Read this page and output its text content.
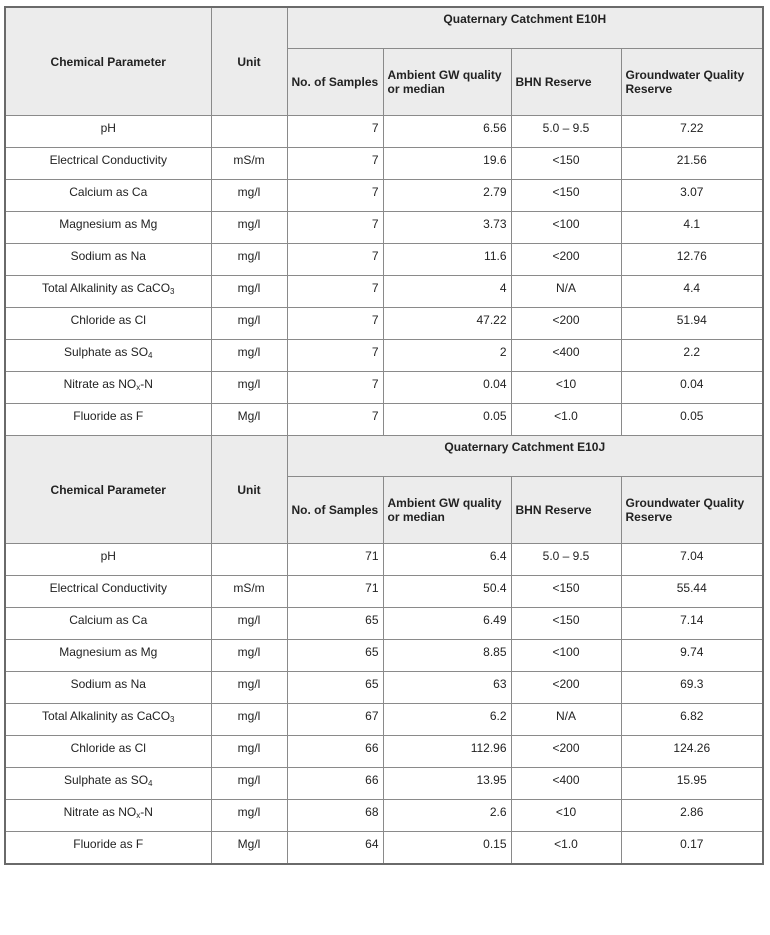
Chemical Parameter	Unit	Quaternary Catchment E10H			
		No. of Samples	Ambient GW quality or median	BHN Reserve	Groundwater Quality Reserve
pH		7	6.56	5.0 – 9.5	7.22
Electrical Conductivity	mS/m	7	19.6	<150	21.56
Calcium as Ca	mg/l	7	2.79	<150	3.07
Magnesium as Mg	mg/l	7	3.73	<100	4.1
Sodium as Na	mg/l	7	11.6	<200	12.76
Total Alkalinity as CaCO$_3$	mg/l	7	4	N/A	4.4
Chloride as Cl	mg/l	7	47.22	<200	51.94
Sulphate as $SO_4$	mg/l	7	2	<400	2.2
Nitrate as $NO_x-N$	mg/l	7	0.04	<10	0.04
Fluoride as F	Mg/l	7	0.05	<1.0	0.05
Chemical Parameter	Unit	Quaternary Catchment E10J			
		No. of Samples	Ambient GW quality or median	BHN Reserve	Groundwater Quality Reserve
pH		71	6.4	5.0 – 9.5	7.04
Electrical Conductivity	mS/m	71	50.4	<150	55.44
Calcium as Ca	mg/l	65	6.49	<150	7.14
Magnesium as Mg	mg/l	65	8.85	<100	9.74
Sodium as Na	mg/l	65	63	<200	69.3
Total Alkalinity as CaCO$_3$	mg/l	67	6.2	N/A	6.82
Chloride as Cl	mg/l	66	112.96	<200	124.26
Sulphate as $SO_4$	mg/l	66	13.95	<400	15.95
Nitrate as $NO_x-N$	mg/l	68	2.6	<10	2.86
Fluoride as F	Mg/l	64	0.15	<1.0	0.17
